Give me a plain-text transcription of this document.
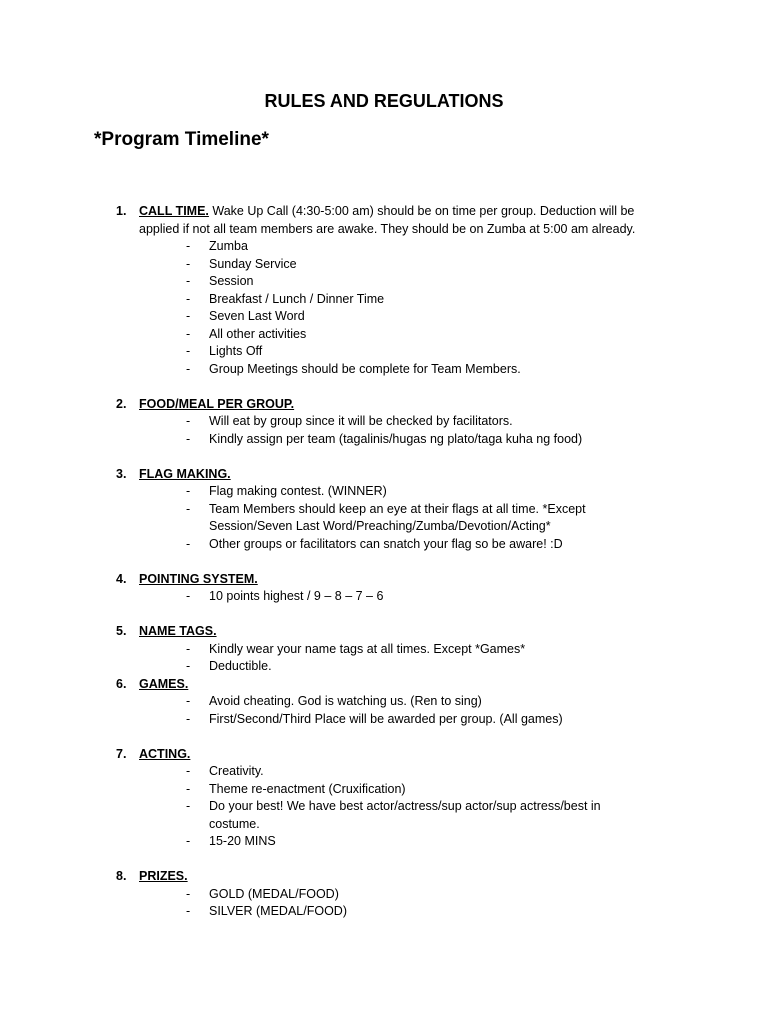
RULES AND REGULATIONS
*Program Timeline*
1. CALL TIME. Wake Up Call (4:30-5:00 am) should be on time per group. Deduction will be applied if not all team members are awake. They should be on Zumba at 5:00 am already.
- Zumba
- Sunday Service
- Session
- Breakfast / Lunch / Dinner Time
- Seven Last Word
- All other activities
- Lights Off
- Group Meetings should be complete for Team Members.
2. FOOD/MEAL PER GROUP.
- Will eat by group since it will be checked by facilitators.
- Kindly assign per team (tagalinis/hugas ng plato/taga kuha ng food)
3. FLAG MAKING.
- Flag making contest. (WINNER)
- Team Members should keep an eye at their flags at all time. *Except Session/Seven Last Word/Preaching/Zumba/Devotion/Acting*
- Other groups or facilitators can snatch your flag so be aware! :D
4. POINTING SYSTEM.
- 10 points highest / 9 – 8 – 7 – 6
5. NAME TAGS.
- Kindly wear your name tags at all times. Except *Games*
- Deductible.
6. GAMES.
- Avoid cheating. God is watching us. (Ren to sing)
- First/Second/Third Place will be awarded per group. (All games)
7. ACTING.
- Creativity.
- Theme re-enactment (Cruxification)
- Do your best! We have best actor/actress/sup actor/sup actress/best in costume.
- 15-20 MINS
8. PRIZES.
- GOLD (MEDAL/FOOD)
- SILVER (MEDAL/FOOD)
